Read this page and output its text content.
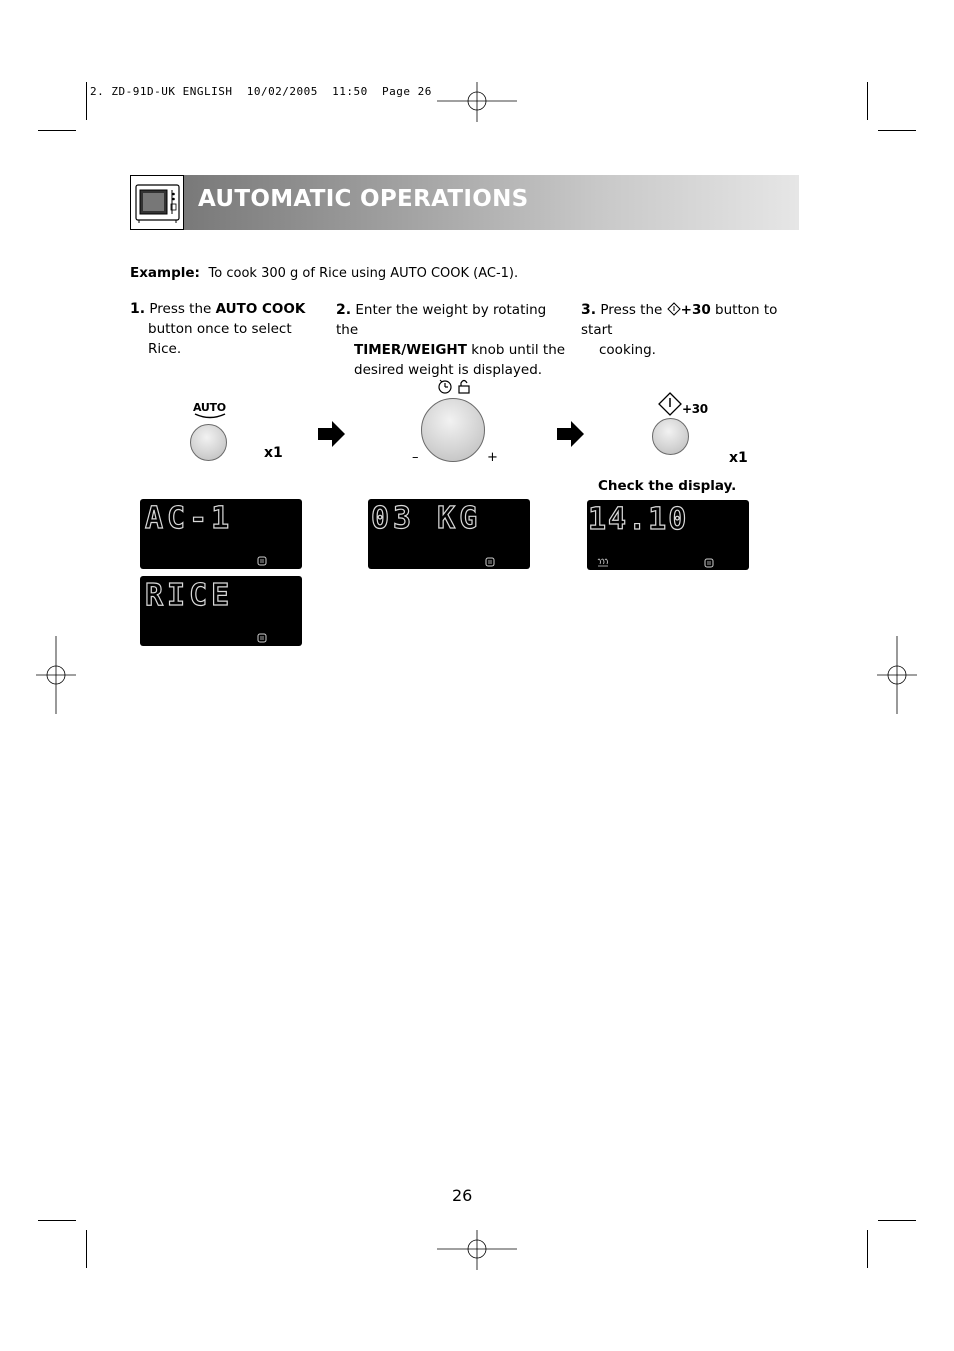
2. ZD-91D-UK ENGLISH  10/02/2005  11:50  Page 26
AUTOMATIC OPERATIONS
Example: To cook 300 g of Rice using AUTO COOK (AC-1).
1. Press the AUTO COOK
button once to select Rice.
2. Enter the weight by rotating the
TIMER/WEIGHT knob until the
desired weight is displayed.
3. Press the +30 button to start
cooking.
AUTO
x1	–	+
+30
x1
Check the display.
AC-1
RICE
03 KG	14.10
26
